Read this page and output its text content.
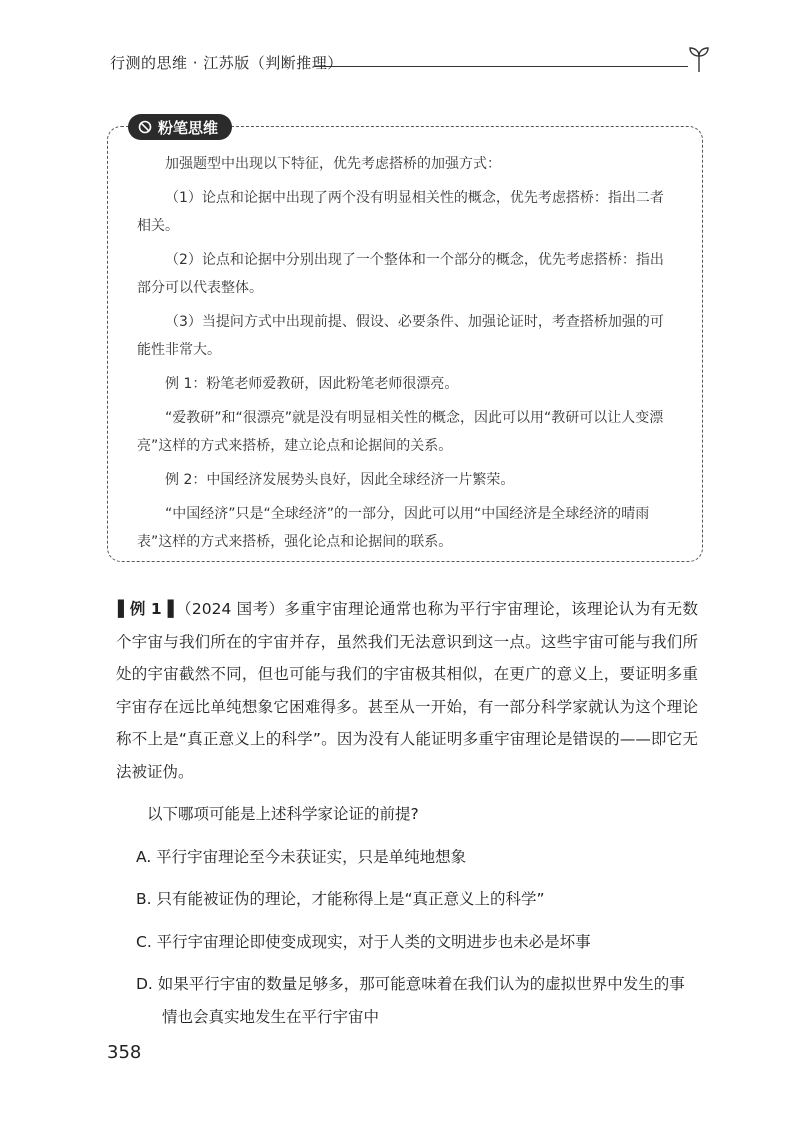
行测的思维 · 江苏版（判断推理）
粉笔思维

加强题型中出现以下特征，优先考虑搭桥的加强方式：

（1）论点和论据中出现了两个没有明显相关性的概念，优先考虑搭桥：指出二者相关。

（2）论点和论据中分别出现了一个整体和一个部分的概念，优先考虑搭桥：指出部分可以代表整体。

（3）当提问方式中出现前提、假设、必要条件、加强论证时，考查搭桥加强的可能性非常大。

例 1：粉笔老师爱教研，因此粉笔老师很漂亮。

“爱教研”和“很漂亮”就是没有明显相关性的概念，因此可以用“教研可以让人变漂亮”这样的方式来搭桥，建立论点和论据间的关系。

例 2：中国经济发展势头良好，因此全球经济一片繁荣。

“中国经济”只是“全球经济”的一部分，因此可以用“中国经济是全球经济的晴雨表”这样的方式来搭桥，强化论点和论据间的联系。

▌例 1▐ （2024 国考）多重宇宙理论通常也称为平行宇宙理论，该理论认为有无数个宇宙与我们所在的宇宙并存，虽然我们无法意识到这一点。这些宇宙可能与我们所处的宇宙截然不同，但也可能与我们的宇宙极其相似，在更广的意义上，要证明多重宇宙存在远比单纯想象它困难得多。甚至从一开始，有一部分科学家就认为这个理论称不上是“真正意义上的科学”。因为没有人能证明多重宇宙理论是错误的——即它无法被证伪。

以下哪项可能是上述科学家论证的前提?

A. 平行宇宙理论至今未获证实，只是单纯地想象

B. 只有能被证伪的理论，才能称得上是“真正意义上的科学”

C. 平行宇宙理论即使变成现实，对于人类的文明进步也未必是坏事

D. 如果平行宇宙的数量足够多，那可能意味着在我们认为的虚拟世界中发生的事情也会真实地发生在平行宇宙中

358
